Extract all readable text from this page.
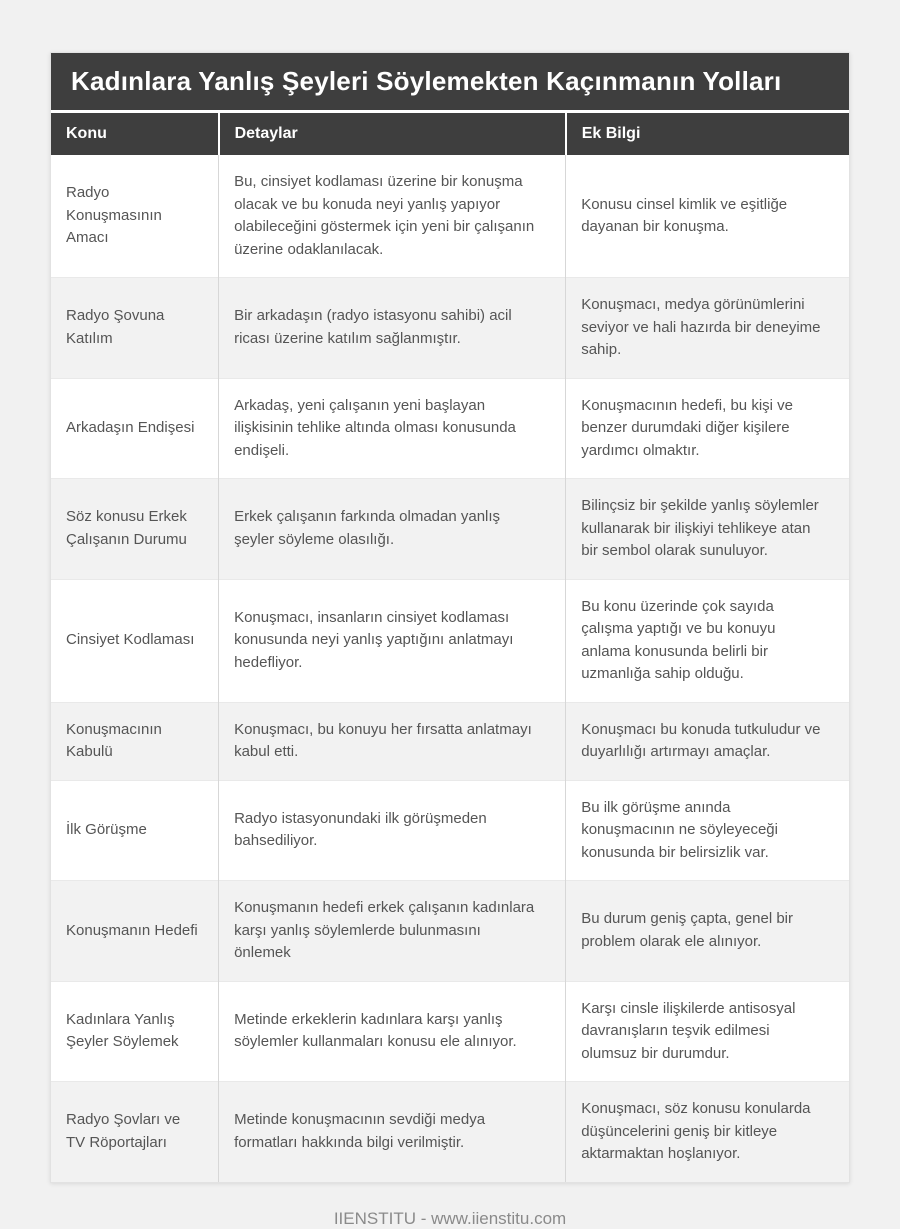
Kadınlara Yanlış Şeyleri Söylemekten Kaçınmanın Yolları
Konu	Detaylar	Ek Bilgi
Radyo Konuşmasının Amacı	Bu, cinsiyet kodlaması üzerine bir konuşma olacak ve bu konuda neyi yanlış yapıyor olabileceğini göstermek için yeni bir çalışanın üzerine odaklanılacak.	Konusu cinsel kimlik ve eşitliğe dayanan bir konuşma.
Radyo Şovuna Katılım	Bir arkadaşın (radyo istasyonu sahibi) acil ricası üzerine katılım sağlanmıştır.	Konuşmacı, medya görünümlerini seviyor ve hali hazırda bir deneyime sahip.
Arkadaşın Endişesi	Arkadaş, yeni çalışanın yeni başlayan ilişkisinin tehlike altında olması konusunda endişeli.	Konuşmacının hedefi, bu kişi ve benzer durumdaki diğer kişilere yardımcı olmaktır.
Söz konusu Erkek Çalışanın Durumu	Erkek çalışanın farkında olmadan yanlış şeyler söyleme olasılığı.	Bilinçsiz bir şekilde yanlış söylemler kullanarak bir ilişkiyi tehlikeye atan bir sembol olarak sunuluyor.
Cinsiyet Kodlaması	Konuşmacı, insanların cinsiyet kodlaması konusunda neyi yanlış yaptığını anlatmayı hedefliyor.	Bu konu üzerinde çok sayıda çalışma yaptığı ve bu konuyu anlama konusunda belirli bir uzmanlığa sahip olduğu.
Konuşmacının Kabulü	Konuşmacı, bu konuyu her fırsatta anlatmayı kabul etti.	Konuşmacı bu konuda tutkuludur ve duyarlılığı artırmayı amaçlar.
İlk Görüşme	Radyo istasyonundaki ilk görüşmeden bahsediliyor.	Bu ilk görüşme anında konuşmacının ne söyleyeceği konusunda bir belirsizlik var.
Konuşmanın Hedefi	Konuşmanın hedefi erkek çalışanın kadınlara karşı yanlış söylemlerde bulunmasını önlemek	Bu durum geniş çapta, genel bir problem olarak ele alınıyor.
Kadınlara Yanlış Şeyler Söylemek	Metinde erkeklerin kadınlara karşı yanlış söylemler kullanmaları konusu ele alınıyor.	Karşı cinsle ilişkilerde antisosyal davranışların teşvik edilmesi olumsuz bir durumdur.
Radyo Şovları ve TV Röportajları	Metinde konuşmacının sevdiği medya formatları hakkında bilgi verilmiştir.	Konuşmacı, söz konusu konularda düşüncelerini geniş bir kitleye aktarmaktan hoşlanıyor.
IIENSTITU - www.iienstitu.com
